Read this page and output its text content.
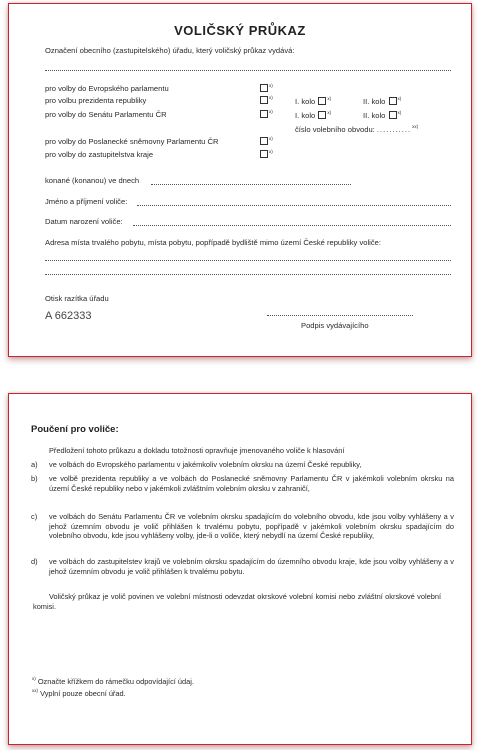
VOLIČSKÝ PRŮKAZ
Označení obecního (zastupitelského) úřadu, který voličský průkaz vydává:
pro volby do Evropského parlamentu	$^{x)}$
pro volbu prezidenta republiky	$^{x)}$	I. kolo	$^{x)}$	II. kolo	$^{x)}$
pro volby do Senátu Parlamentu ČR	$^{x)}$	I. kolo	$^{x)}$	II. kolo	$^{x)}$
číslo volebního obvodu: ...........$^{xx)}$
pro volby do Poslanecké sněmovny Parlamentu ČR	$^{x)}$
pro volby do zastupitelstva kraje	$^{x)}$
konané (konanou) ve dnech
Jméno a příjmení voliče:
Datum narození voliče:
Adresa místa trvalého pobytu, místa pobytu, popřípadě bydliště mimo území České republiky voliče:
Otisk razítka úřadu
A 662333
Podpis vydávajícího
Poučení pro voliče:
Předložení tohoto průkazu a dokladu totožnosti opravňuje jmenovaného voliče k hlasování
a) ve volbách do Evropského parlamentu v jakémkoliv volebním okrsku na území České republiky,
b) ve volbě prezidenta republiky a ve volbách do Poslanecké sněmovny Parlamentu ČR v jakémkoli volebním okrsku na území České republiky nebo v jakémkoli zvláštním volebním okrsku v zahraničí,
c) ve volbách do Senátu Parlamentu ČR ve volebním okrsku spadajícím do volebního obvodu, kde jsou volby vyhlášeny a v jehož územním obvodu je volič přihlášen k trvalému pobytu, popřípadě v jakémkoli volebním okrsku spadajícím do volebního obvodu, kde jsou vyhlášeny volby, jde-li o voliče, který nebydlí na území České republiky,
d) ve volbách do zastupitelstev krajů ve volebním okrsku spadajícím do územního obvodu kraje, kde jsou volby vyhlášeny a v jehož územním obvodu je volič přihlášen k trvalému pobytu.
Voličský průkaz je volič povinen ve volební místnosti odevzdat okrskové volební komisi nebo zvláštní okrskové volební komisi.
$^{x)}$ Označte křížkem do rámečku odpovídající údaj.
$^{xx)}$ Vyplní pouze obecní úřad.
